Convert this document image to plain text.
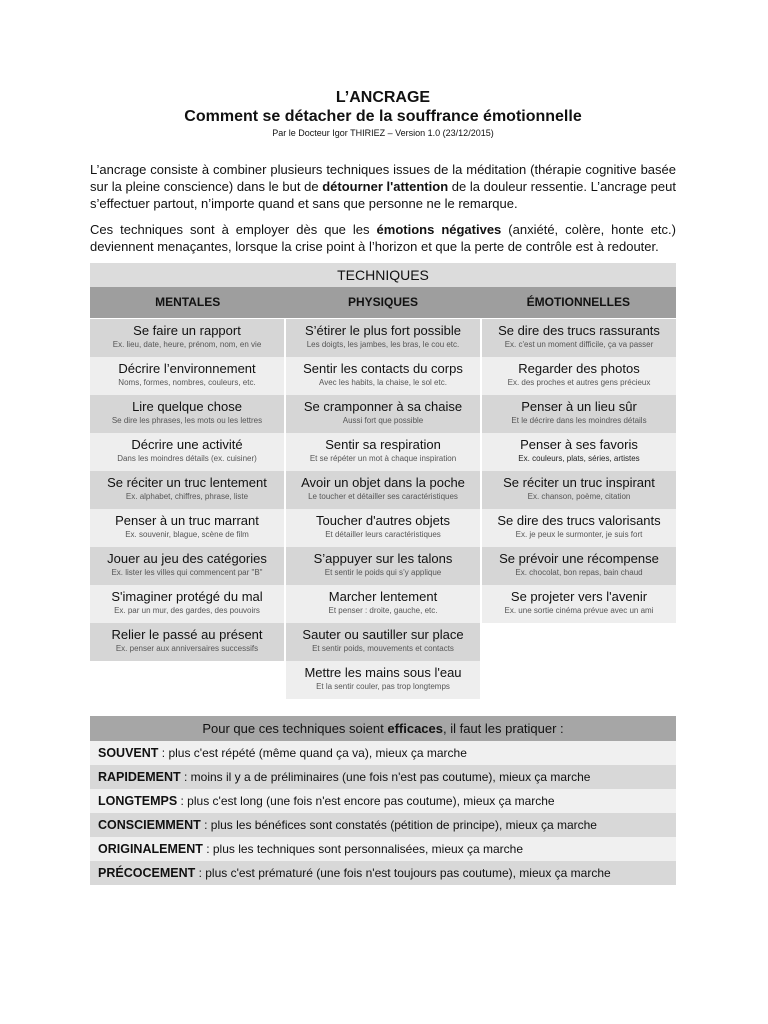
L’ANCRAGE
Comment se détacher de la souffrance émotionnelle
Par le Docteur Igor THIRIEZ – Version 1.0 (23/12/2015)

L’ancrage consiste à combiner plusieurs techniques issues de la méditation (thérapie cognitive basée sur la pleine conscience) dans le but de détourner l'attention de la douleur ressentie. L’ancrage peut s’effectuer partout, n’importe quand et sans que personne ne le remarque.

Ces techniques sont à employer dès que les émotions négatives (anxiété, colère, honte etc.) deviennent menaçantes, lorsque la crise point à l’horizon et que la perte de contrôle est à redouter.

TECHNIQUES
MENTALES	PHYSIQUES	ÉMOTIONNELLES
Se faire un rapport
Ex. lieu, date, heure, prénom, nom, en vie
Décrire l’environnement
Noms, formes, nombres, couleurs, etc.
Lire quelque chose
Se dire les phrases, les mots ou les lettres
Décrire une activité
Dans les moindres détails (ex. cuisiner)
Se réciter un truc lentement
Ex. alphabet, chiffres, phrase, liste
Penser à un truc marrant
Ex. souvenir, blague, scène de film
Jouer au jeu des catégories
Ex. lister les villes qui commencent par "B"
S'imaginer protégé du mal
Ex. par un mur, des gardes, des pouvoirs
Relier le passé au présent
Ex. penser aux anniversaires successifs
S’étirer le plus fort possible
Les doigts, les jambes, les bras, le cou etc.
Sentir les contacts du corps
Avec les habits, la chaise, le sol etc.
Se cramponner à sa chaise
Aussi fort que possible
Sentir sa respiration
Et se répéter un mot à chaque inspiration
Avoir un objet dans la poche
Le toucher et détailler ses caractéristiques
Toucher d'autres objets
Et détailler leurs caractéristiques
S’appuyer sur les talons
Et sentir le poids qui s’y applique
Marcher lentement
Et penser : droite, gauche, etc.
Sauter ou sautiller sur place
Et sentir poids, mouvements et contacts
Mettre les mains sous l'eau
Et la sentir couler, pas trop longtemps
Se dire des trucs rassurants
Ex. c'est un moment difficile, ça va passer
Regarder des photos
Ex. des proches et autres gens précieux
Penser à un lieu sûr
Et le décrire dans les moindres détails
Penser à ses favoris
Ex. couleurs, plats, séries, artistes
Se réciter un truc inspirant
Ex. chanson, poème, citation
Se dire des trucs valorisants
Ex. je peux le surmonter, je suis fort
Se prévoir une récompense
Ex. chocolat, bon repas, bain chaud
Se projeter vers l'avenir
Ex. une sortie cinéma prévue avec un ami
Pour que ces techniques soient efficaces, il faut les pratiquer :
SOUVENT : plus c'est répété (même quand ça va), mieux ça marche
RAPIDEMENT : moins il y a de préliminaires (une fois n'est pas coutume), mieux ça marche
LONGTEMPS : plus c'est long (une fois n'est encore pas coutume), mieux ça marche
CONSCIEMMENT : plus les bénéfices sont constatés (pétition de principe), mieux ça marche
ORIGINALEMENT : plus les techniques sont personnalisées, mieux ça marche
PRÉCOCEMENT : plus c'est prématuré (une fois n'est toujours pas coutume), mieux ça marche
